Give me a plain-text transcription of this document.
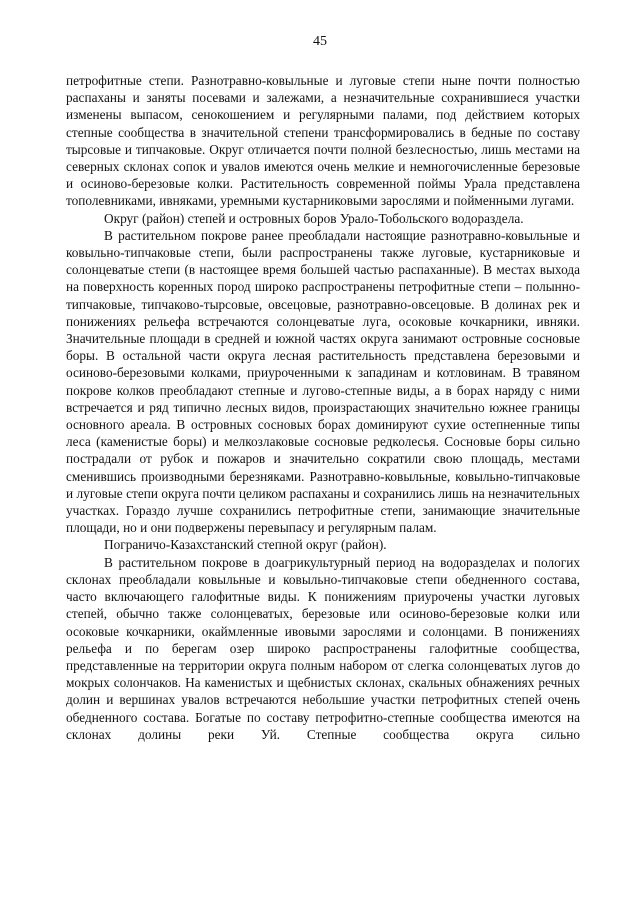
45

петрофитные степи. Разнотравно-ковыльные и луговые степи ныне почти полностью распаханы и заняты посевами и залежами, а незначительные сохранившиеся участки изменены выпасом, сенокошением и регулярными палами, под действием которых степные сообщества в значительной степени трансформировались в бедные по составу тырсовые и типчаковые. Округ отличается почти полной безлесностью, лишь местами на северных склонах сопок и увалов имеются очень мелкие и немногочисленные березовые и осиново-березовые колки. Растительность современной поймы Урала представлена тополевниками, ивняками, уремными кустарниковыми зарослями и пойменными лугами.

Округ (район) степей и островных боров Урало-Тобольского водораздела.

В растительном покрове ранее преобладали настоящие разнотравно-ковыльные и ковыльно-типчаковые степи, были распространены также луговые, кустарниковые и солонцеватые степи (в настоящее время большей частью распаханные). В местах выхода на поверхность коренных пород широко распространены петрофитные степи – полынно-типчаковые, типчаково-тырсовые, овсецовые, разнотравно-овсецовые. В долинах рек и понижениях рельефа встречаются солонцеватые луга, осоковые кочкарники, ивняки. Значительные площади в средней и южной частях округа занимают островные сосновые боры. В остальной части округа лесная растительность представлена березовыми и осиново-березовыми колками, приуроченными к западинам и котловинам. В травяном покрове колков преобладают степные и лугово-степные виды, а в борах наряду с ними встречается и ряд типично лесных видов, произрастающих значительно южнее границы основного ареала. В островных сосновых борах доминируют сухие остепненные типы леса (каменистые боры) и мелкозлаковые сосновые редколесья. Сосновые боры сильно пострадали от рубок и пожаров и значительно сократили свою площадь, местами сменившись производными березняками. Разнотравно-ковыльные, ковыльно-типчаковые и луговые степи округа почти целиком распаханы и сохранились лишь на незначительных участках. Гораздо лучше сохранились петрофитные степи, занимающие значительные площади, но и они подвержены перевыпасу и регулярным палам.

Пограничо-Казахстанский степной округ (район).

В растительном покрове в доагрикультурный период на водоразделах и пологих склонах преобладали ковыльные и ковыльно-типчаковые степи обедненного состава, часто включающего галофитные виды. К понижениям приурочены участки луговых степей, обычно также солонцеватых, березовые или осиново-березовые колки или осоковые кочкарники, окаймленные ивовыми зарослями и солонцами. В понижениях рельефа и по берегам озер широко распространены галофитные сообщества, представленные на территории округа полным набором от слегка солонцеватых лугов до мокрых солончаков. На каменистых и щебнистых склонах, скальных обнажениях речных долин и вершинах увалов встречаются небольшие участки петрофитных степей очень обедненного состава. Богатые по составу петрофитно-степные сообщества имеются на склонах долины реки Уй. Степные сообщества округа сильно
